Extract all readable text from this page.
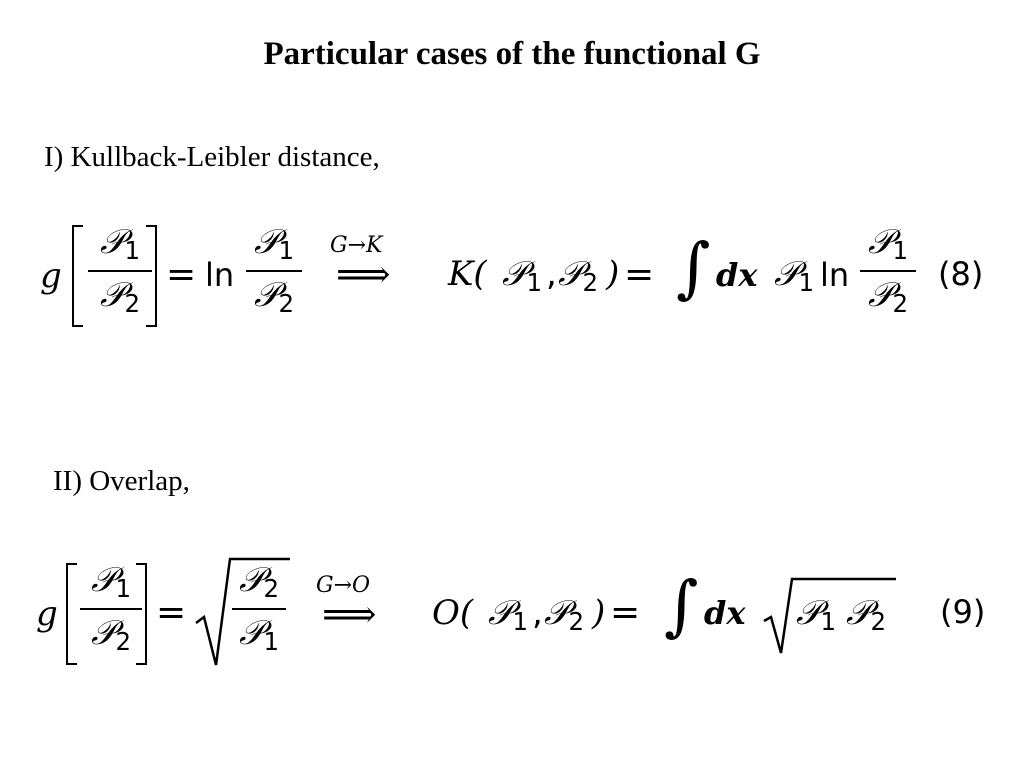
Particular cases of the functional G
I) Kullback-Leibler distance,
g
𝒫$_1$
𝒫$_2$
= ln
𝒫$_1$
𝒫$_2$
G→K
⟹ K( 𝒫$_1$ , 𝒫$_2$ ) = ∫ dx 𝒫$_1$ ln
𝒫$_1$
𝒫$_2$
(8)
II) Overlap,
g
𝒫$_1$
𝒫$_2$
=
𝒫$_2$
𝒫$_1$
G→O
⟹ O( 𝒫$_1$ , 𝒫$_2$ ) = ∫ dx 𝒫$_1$ 𝒫$_2$ (9)
